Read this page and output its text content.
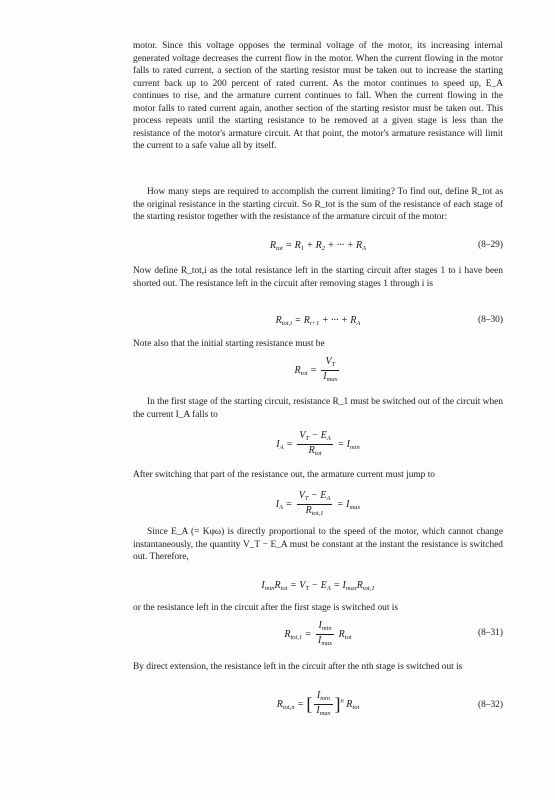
motor. Since this voltage opposes the terminal voltage of the motor, its increasing internal generated voltage decreases the current flow in the motor. When the current flowing in the motor falls to rated current, a section of the starting resistor must be taken out to increase the starting current back up to 200 percent of rated current. As the motor continues to speed up, E_A continues to rise, and the armature current continues to fall. When the current flowing in the motor falls to rated current again, another section of the starting resistor must be taken out. This process repeats until the starting resistance to be removed at a given stage is less than the resistance of the motor's armature circuit. At that point, the motor's armature resistance will limit the current to a safe value all by itself.

How many steps are required to accomplish the current limiting? To find out, define R_tot as the original resistance in the starting circuit. So R_tot is the sum of the resistance of each stage of the starting resistor together with the resistance of the armature circuit of the motor:

$R_{tot} = R_1 + R_2$ + ··· + $R_A$	(8–29)

Now define R_tot,i as the total resistance left in the starting circuit after stages 1 to i have been shorted out. The resistance left in the circuit after removing stages 1 through i is

$R_{tot,i} = R_{i+1}$ + ··· + $R_A$	(8–30)

Note also that the initial starting resistance must be

$R_{tot} = \frac{V_T}{I_{max}}$

In the first stage of the starting circuit, resistance R_1 must be switched out of the circuit when the current I_A falls to

$I_A = \frac{V_T - E_A}{R_{tot}} = I_{min}$

After switching that part of the resistance out, the armature current must jump to

$I_A = \frac{V_T - E_A}{R_{tot,1}} = I_{max}$

Since E_A (= Kφω) is directly proportional to the speed of the motor, which cannot change instantaneously, the quantity V_T − E_A must be constant at the instant the resistance is switched out. Therefore,

$I_{min}R_{tot} = V_T - E_A = I_{max}R_{tot,1}$

or the resistance left in the circuit after the first stage is switched out is

$R_{tot,1} = \frac{I_{min}}{I_{max}} R_{tot}$	(8–31)

By direct extension, the resistance left in the circuit after the nth stage is switched out is

$R_{tot,n}$ = [ $\frac{I_{min}}{I_{max}} ]^n$ $R_{tot}$	(8–32)
